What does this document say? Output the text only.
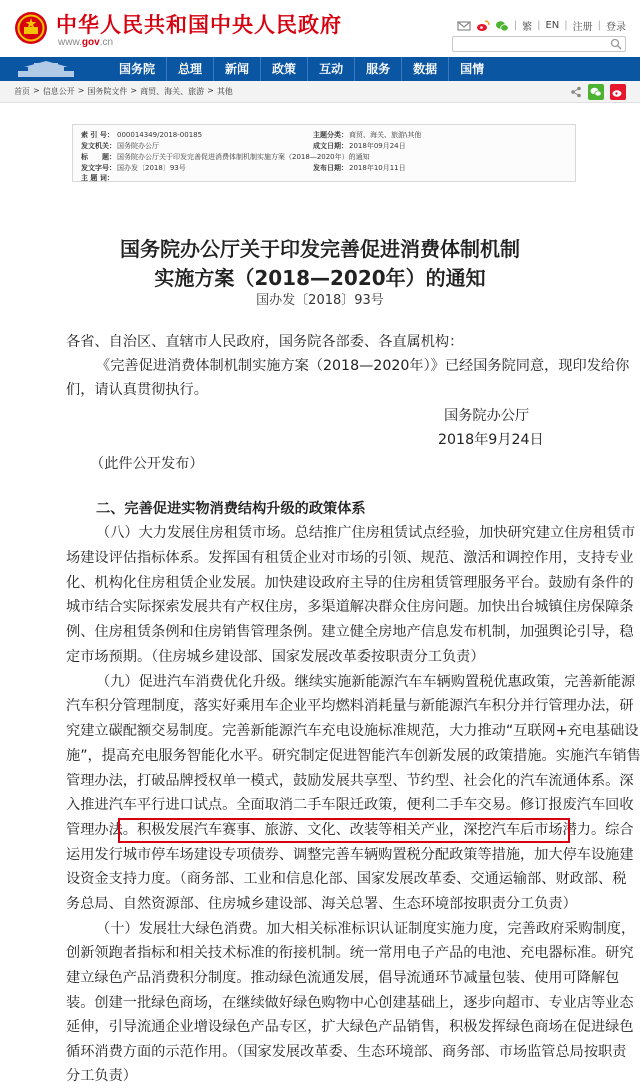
中华人民共和国中央人民政府
www.gov.cn
| 繁 | EN | 注册 | 登录
国务院	总理	新闻	政策	互动	服务	数据	国情
首页 > 信息公开 > 国务院文件 > 商贸、海关、旅游 > 其他
索 引 号： 000014349/2018-00185	主题分类：商贸、海关、旅游\其他
发文机关：国务院办公厅	成文日期：2018年09月24日
标　　题：国务院办公厅关于印发完善促进消费体制机制实施方案（2018—2020年）的通知
发文字号：国办发〔2018〕93号	发布日期：2018年10月11日
主 题 词：
国务院办公厅关于印发完善促进消费体制机制
实施方案（2018—2020年）的通知
国办发〔2018〕93号
各省、自治区、直辖市人民政府，国务院各部委、各直属机构：
《完善促进消费体制机制实施方案（2018—2020年）》已经国务院同意，现印发给你
们，请认真贯彻执行。
国务院办公厅
2018年9月24日
（此件公开发布）
二、完善促进实物消费结构升级的政策体系
（八）大力发展住房租赁市场。总结推广住房租赁试点经验，加快研究建立住房租赁市
场建设评估指标体系。发挥国有租赁企业对市场的引领、规范、激活和调控作用，支持专业
化、机构化住房租赁企业发展。加快建设政府主导的住房租赁管理服务平台。鼓励有条件的
城市结合实际探索发展共有产权住房，多渠道解决群众住房问题。加快出台城镇住房保障条
例、住房租赁条例和住房销售管理条例。建立健全房地产信息发布机制，加强舆论引导，稳
定市场预期。（住房城乡建设部、国家发展改革委按职责分工负责）
（九）促进汽车消费优化升级。继续实施新能源汽车车辆购置税优惠政策，完善新能源
汽车积分管理制度，落实好乘用车企业平均燃料消耗量与新能源汽车积分并行管理办法，研
究建立碳配额交易制度。完善新能源汽车充电设施标准规范，大力推动“互联网+充电基础设
施”，提高充电服务智能化水平。研究制定促进智能汽车创新发展的政策措施。实施汽车销售
管理办法，打破品牌授权单一模式，鼓励发展共享型、节约型、社会化的汽车流通体系。深
入推进汽车平行进口试点。全面取消二手车限迁政策，便利二手车交易。修订报废汽车回收
管理办法。积极发展汽车赛事、旅游、文化、改装等相关产业，深挖汽车后市场潜力。综合
运用发行城市停车场建设专项债券、调整完善车辆购置税分配政策等措施，加大停车设施建
设资金支持力度。（商务部、工业和信息化部、国家发展改革委、交通运输部、财政部、税
务总局、自然资源部、住房城乡建设部、海关总署、生态环境部按职责分工负责）
（十）发展壮大绿色消费。加大相关标准标识认证制度实施力度，完善政府采购制度，
创新领跑者指标和相关技术标准的衔接机制。统一常用电子产品的电池、充电器标准。研究
建立绿色产品消费积分制度。推动绿色流通发展，倡导流通环节减量包装、使用可降解包
装。创建一批绿色商场，在继续做好绿色购物中心创建基础上，逐步向超市、专业店等业态
延伸，引导流通企业增设绿色产品专区，扩大绿色产品销售，积极发挥绿色商场在促进绿色
循环消费方面的示范作用。（国家发展改革委、生态环境部、商务部、市场监管总局按职责
分工负责）
